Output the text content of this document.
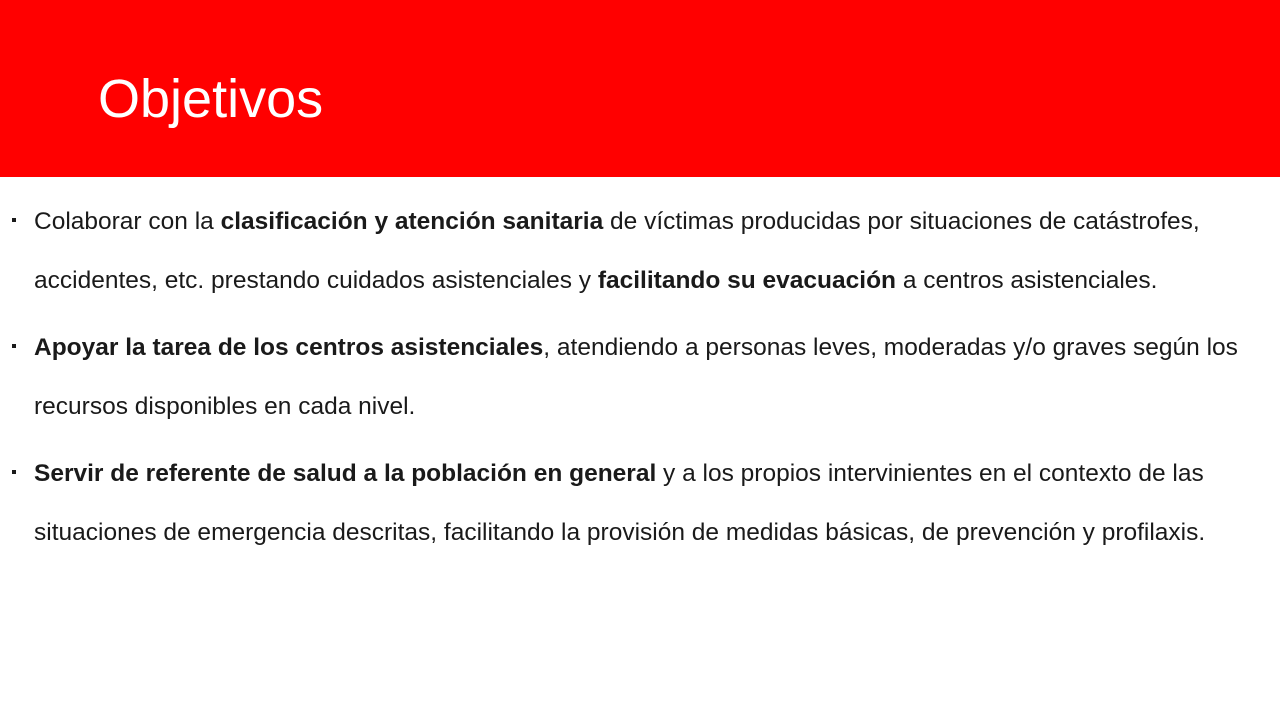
Objetivos
Colaborar con la clasificación y atención sanitaria de víctimas producidas por situaciones de catástrofes, accidentes, etc. prestando cuidados asistenciales y facilitando su evacuación a centros asistenciales.
Apoyar la tarea de los centros asistenciales, atendiendo a personas leves, moderadas y/o graves según los recursos disponibles en cada nivel.
Servir de referente de salud a la población en general y a los propios intervinientes en el contexto de las situaciones de emergencia descritas, facilitando la provisión de medidas básicas, de prevención y profilaxis.
